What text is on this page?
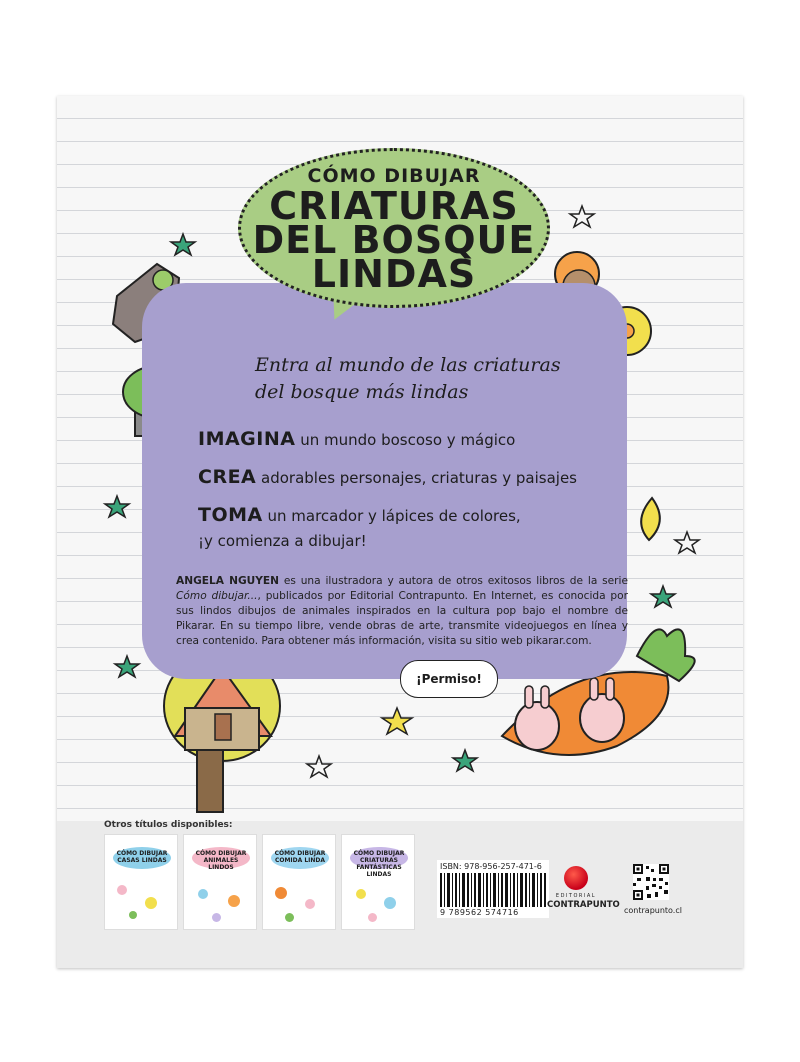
CÓMO DIBUJAR
CRIATURAS
DEL BOSQUE
LINDAS
Entra al mundo de las criaturas
del bosque más lindas
IMAGINA un mundo boscoso y mágico
CREA adorables personajes, criaturas y paisajes
TOMA un marcador y lápices de colores,
¡y comienza a dibujar!
ANGELA NGUYEN es una ilustradora y autora de otros exitosos libros de la serie Cómo dibujar..., publicados por Editorial Contrapunto. En Internet, es conocida por sus lindos dibujos de animales inspirados en la cultura pop bajo el nombre de Pikarar. En su tiempo libre, vende obras de arte, transmite videojuegos en línea y crea contenido. Para obtener más información, visita su sitio web pikarar.com.
¡Permiso!
Otros títulos disponibles:
CÓMO DIBUJAR CASAS LINDAS
CÓMO DIBUJAR ANIMALES LINDOS
CÓMO DIBUJAR COMIDA LINDA
CÓMO DIBUJAR CRIATURAS FANTÁSTICAS LINDAS
ISBN: 978-956-257-471-6
9 789562 574716
EDITORIAL
CONTRAPUNTO
contrapunto.cl
